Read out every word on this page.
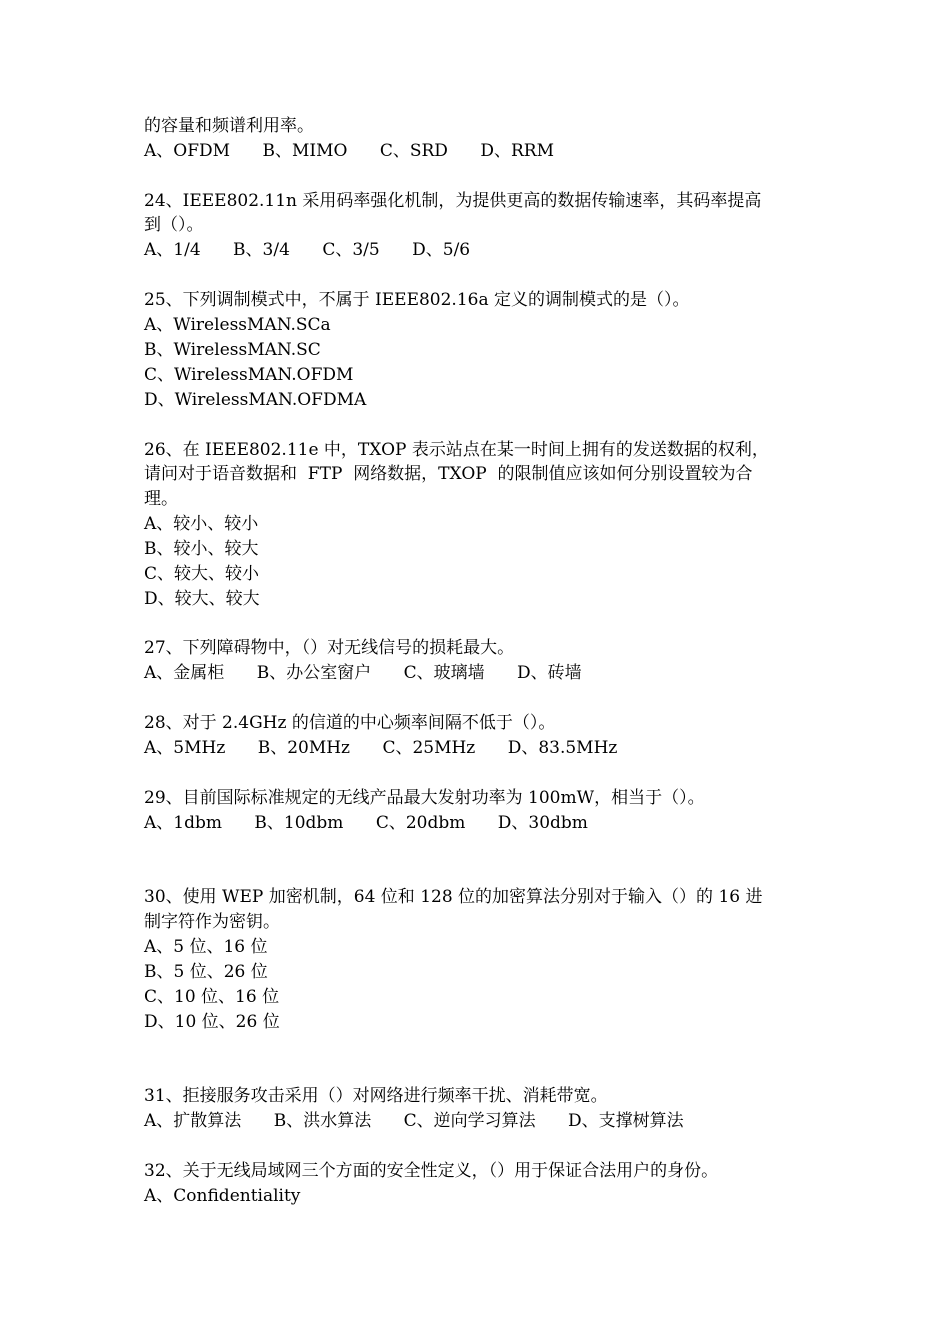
的容量和频谱利用率。
A、OFDM      B、MIMO      C、SRD      D、RRM
24、IEEE802.11n 采用码率强化机制，为提供更高的数据传输速率，其码率提高
到（）。
A、1/4      B、3/4      C、3/5      D、5/6
25、下列调制模式中，不属于 IEEE802.16a 定义的调制模式的是（）。
A、WirelessMAN.SCa
B、WirelessMAN.SC
C、WirelessMAN.OFDM
D、WirelessMAN.OFDMA
26、在 IEEE802.11e 中，TXOP 表示站点在某一时间上拥有的发送数据的权利，
请问对于语音数据和  FTP  网络数据，TXOP  的限制值应该如何分别设置较为合
理。
A、较小、较小
B、较小、较大
C、较大、较小
D、较大、较大
27、下列障碍物中，（）对无线信号的损耗最大。
A、金属柜      B、办公室窗户      C、玻璃墙      D、砖墙
28、对于 2.4GHz 的信道的中心频率间隔不低于（）。
A、5MHz      B、20MHz      C、25MHz      D、83.5MHz
29、目前国际标准规定的无线产品最大发射功率为 100mW，相当于（）。
A、1dbm      B、10dbm      C、20dbm      D、30dbm
30、使用 WEP 加密机制，64 位和 128 位的加密算法分别对于输入（）的 16 进
制字符作为密钥。
A、5 位、16 位
B、5 位、26 位
C、10 位、16 位
D、10 位、26 位
31、拒接服务攻击采用（）对网络进行频率干扰、消耗带宽。
A、扩散算法      B、洪水算法      C、逆向学习算法      D、支撑树算法
32、关于无线局域网三个方面的安全性定义，（）用于保证合法用户的身份。
A、Confidentiality
